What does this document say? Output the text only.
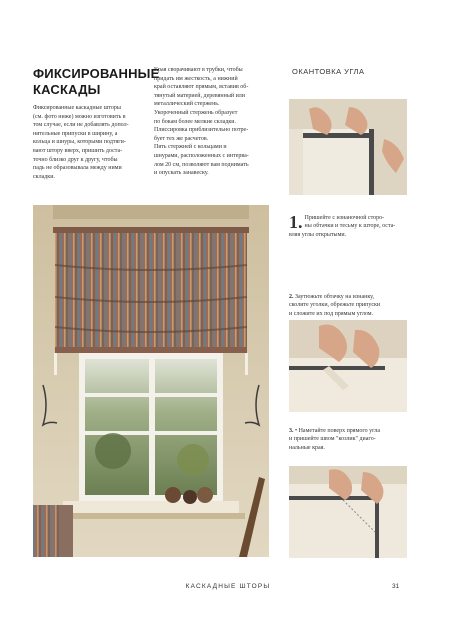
ФИКСИРОВАННЫЕ
КАСКАДЫ
Фиксированные каскадные шторы
(см. фото ниже) можно изготовить в
том случае, если не добавлять допол-
нительные припуски в ширину, а
кольца и шнуры, которыми подтяги-
вают штору вверх, пришить доста-
точно близко друг к другу, чтобы
падь не образовывала между ними
складки.
Края сворачивают в трубки, чтобы
придать им жесткость, а нижний
край оставляют прямым, вставив об-
тянутый материей, деревянный или
металлический стержень.
Укороченный стержень образует
по бокам более мелкие складки.
Плиссировка приблизительно потре-
бует тех же расчетов.
Пять стержней с кольцами и
шнурами, расположенных с интерва-
лом 20 см, позволяют вам поднимать
и опускать занавеску.
ОКАНТОВКА УГЛА

1. Пришейте с изнаночной сторо-
ны обтачки и тесьму к шторе, оста-
вляя углы открытыми.

2. Заутюжьте обтачку на изнанку,
сколите уголки, обрежьте припуски
и сложите их под прямым углом.

3. • Наметайте поверх прямого угла
и пришейте швом "козлик" диаго-
нальные края.

КАСКАДНЫЕ ШТОРЫ	31
